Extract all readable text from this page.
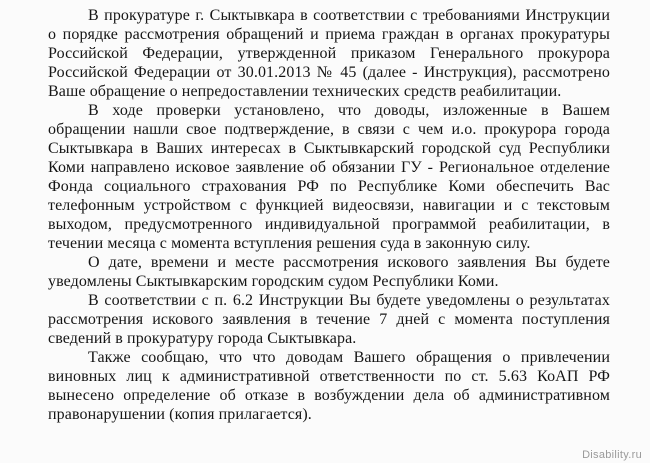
В прокуратуре г. Сыктывкара в соответствии с требованиями Инструкции о порядке рассмотрения обращений и приема граждан в органах прокуратуры Российской Федерации, утвержденной приказом Генерального прокурора Российской Федерации от 30.01.2013 № 45 (далее - Инструкция), рассмотрено Ваше обращение о непредоставлении технических средств реабилитации.

В ходе проверки установлено, что доводы, изложенные в Вашем обращении нашли свое подтверждение, в связи с чем и.о. прокурора города Сыктывкара в Ваших интересах в Сыктывкарский городской суд Республики Коми направлено исковое заявление об обязании ГУ - Региональное отделение Фонда социального страхования РФ по Республике Коми обеспечить Вас телефонным устройством с функцией видеосвязи, навигации и с текстовым выходом, предусмотренного индивидуальной программой реабилитации, в течении месяца с момента вступления решения суда в законную силу.

О дате, времени и месте рассмотрения искового заявления Вы будете уведомлены Сыктывкарским городским судом Республики Коми.

В соответствии с п. 6.2 Инструкции Вы будете уведомлены о результатах рассмотрения искового заявления в течение 7 дней с момента поступления сведений в прокуратуру города Сыктывкара.

Также сообщаю, что что доводам Вашего обращения о привлечении виновных лиц к административной ответственности по ст. 5.63 КоАП РФ вынесено определение об отказе в возбуждении дела об административном правонарушении (копия прилагается).

Disability.ru
